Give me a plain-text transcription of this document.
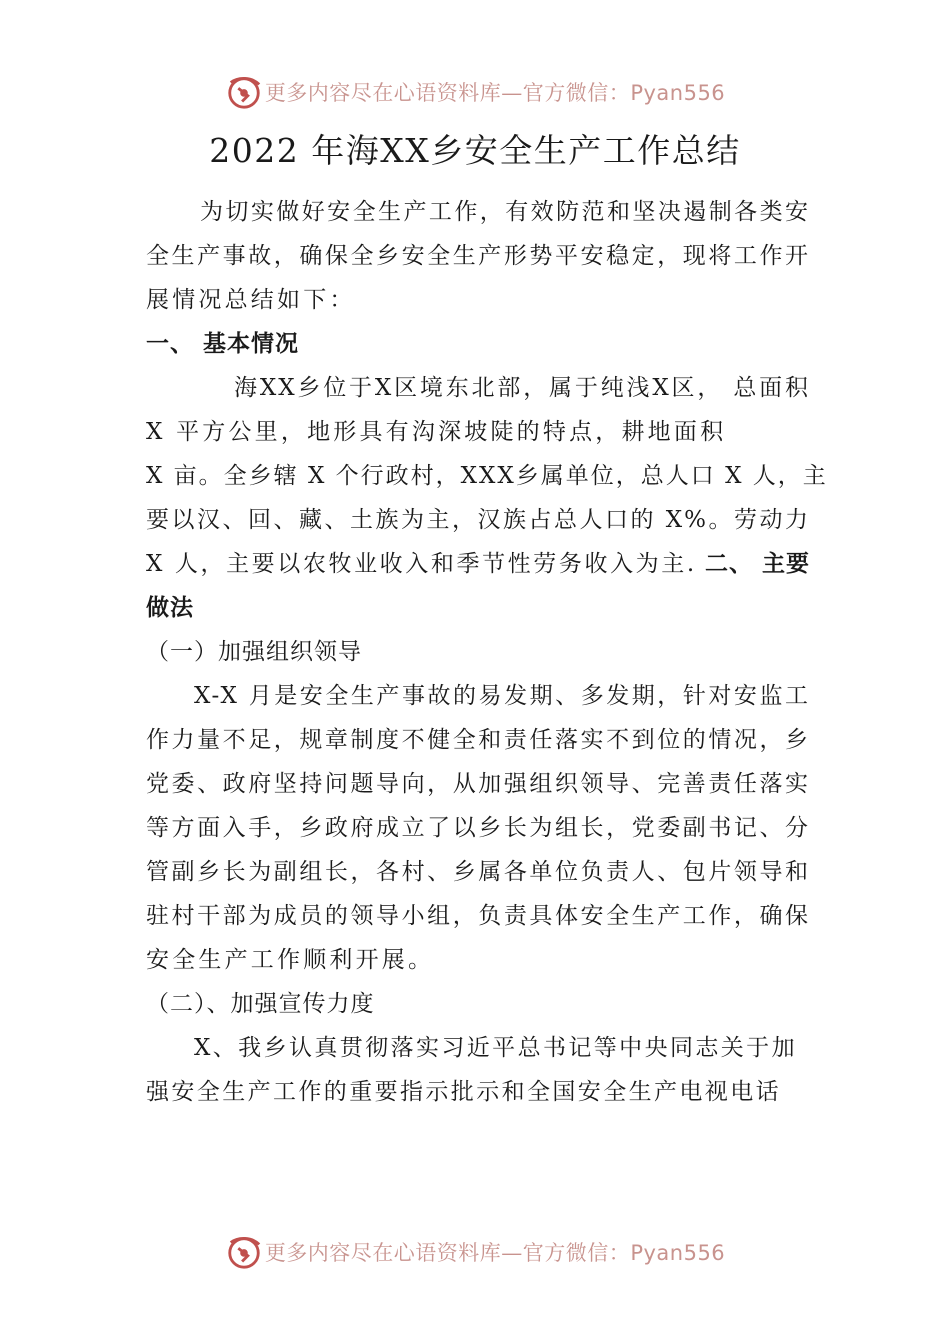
更多内容尽在心语资料库—官方微信：Pyan556
2022 年海XX乡安全生产工作总结
为切实做好安全生产工作，有效防范和坚决遏制各类安
全生产事故，确保全乡安全生产形势平安稳定，现将工作开
展情况总结如下：
一、 基本情况
海XX乡位于X区境东北部，属于纯浅X区， 总面积
X 平方公里，地形具有沟深坡陡的特点，耕地面积
X 亩。全乡辖 X 个行政村，XXX乡属单位，总人口 X 人，主
要以汉、回、藏、土族为主，汉族占总人口的 X%。劳动力
X 人，主要以农牧业收入和季节性劳务收入为主. 二、 主要
做法
（一）加强组织领导
X-X 月是安全生产事故的易发期、多发期，针对安监工
作力量不足，规章制度不健全和责任落实不到位的情况，乡
党委、政府坚持问题导向，从加强组织领导、完善责任落实
等方面入手，乡政府成立了以乡长为组长，党委副书记、分
管副乡长为副组长，各村、乡属各单位负责人、包片领导和
驻村干部为成员的领导小组，负责具体安全生产工作，确保
安全生产工作顺利开展。
（二）、加强宣传力度
X、我乡认真贯彻落实习近平总书记等中央同志关于加
强安全生产工作的重要指示批示和全国安全生产电视电话
更多内容尽在心语资料库—官方微信：Pyan556
